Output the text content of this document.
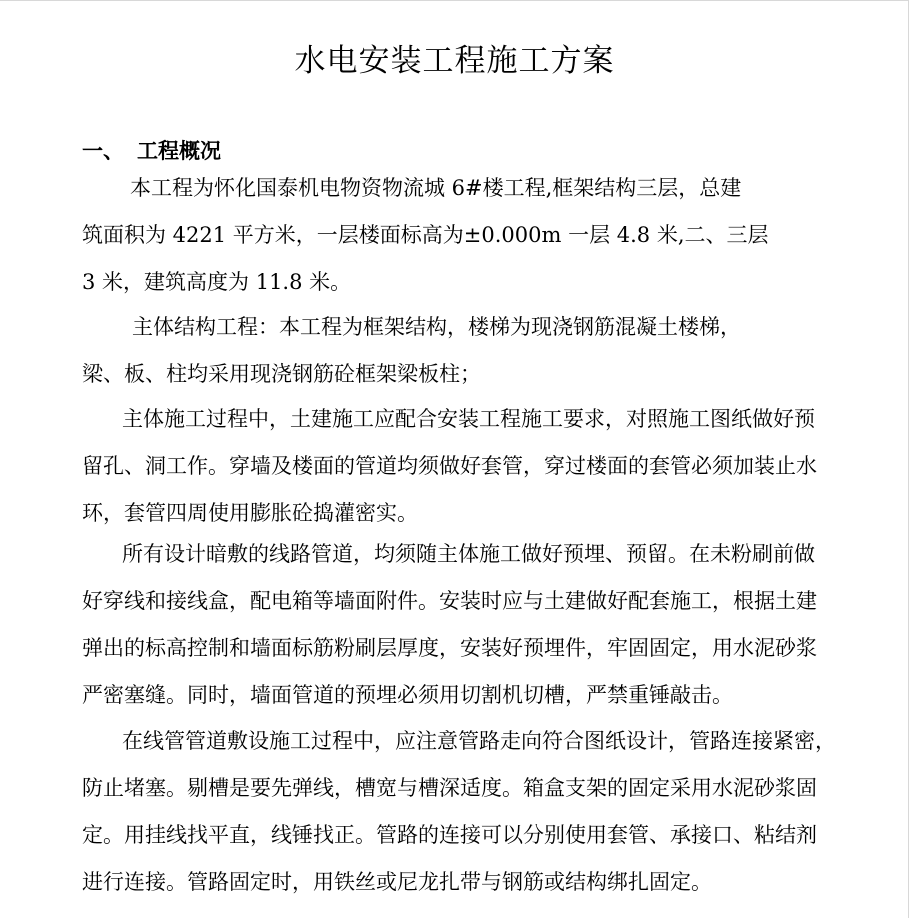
水电安装工程施工方案
一、 工程概况
本工程为怀化国泰机电物资物流城 6#楼工程,框架结构三层，总建
筑面积为 4221 平方米，一层楼面标高为±0.000m 一层 4.8 米,二、三层
3 米，建筑高度为 11.8 米。
主体结构工程：本工程为框架结构，楼梯为现浇钢筋混凝土楼梯，
梁、板、柱均采用现浇钢筋砼框架梁板柱；
主体施工过程中，土建施工应配合安装工程施工要求，对照施工图纸做好预
留孔、洞工作。穿墙及楼面的管道均须做好套管，穿过楼面的套管必须加装止水
环，套管四周使用膨胀砼捣灌密实。
所有设计暗敷的线路管道，均须随主体施工做好预埋、预留。在未粉刷前做
好穿线和接线盒，配电箱等墙面附件。安装时应与土建做好配套施工，根据土建
弹出的标高控制和墙面标筋粉刷层厚度，安装好预埋件，牢固固定，用水泥砂浆
严密塞缝。同时，墙面管道的预埋必须用切割机切槽，严禁重锤敲击。
在线管管道敷设施工过程中，应注意管路走向符合图纸设计，管路连接紧密，
防止堵塞。剔槽是要先弹线，槽宽与槽深适度。箱盒支架的固定采用水泥砂浆固
定。用挂线找平直，线锤找正。管路的连接可以分别使用套管、承接口、粘结剂
进行连接。管路固定时，用铁丝或尼龙扎带与钢筋或结构绑扎固定。
